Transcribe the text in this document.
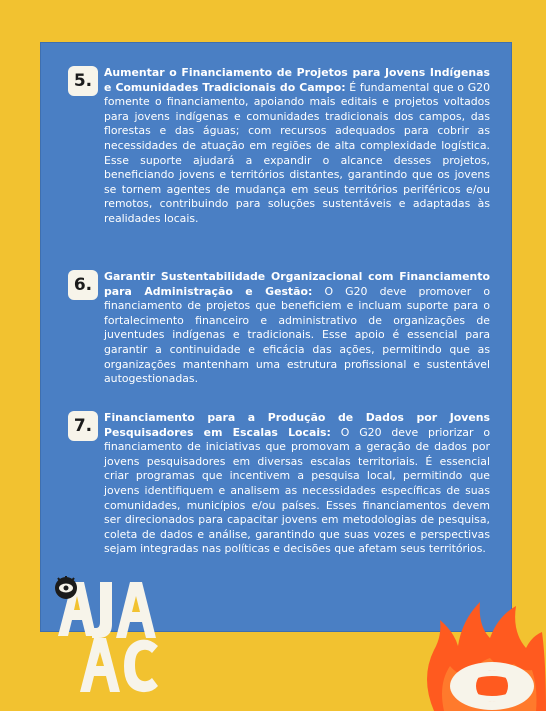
5.	Aumentar o Financiamento de Projetos para Jovens Indígenas e Comunidades Tradicionais do Campo: É fundamental que o G20 fomente o financiamento, apoiando mais editais e projetos voltados para jovens indígenas e comunidades tradicionais dos campos, das florestas e das águas; com recursos adequados para cobrir as necessidades de atuação em regiões de alta complexidade logística. Esse suporte ajudará a expandir o alcance desses projetos, beneficiando jovens e territórios distantes, garantindo que os jovens se tornem agentes de mudança em seus territórios periféricos e/ou remotos, contribuindo para soluções sustentáveis e adaptadas às realidades locais.
6.	Garantir Sustentabilidade Organizacional com Financiamento para Administração e Gestão: O G20 deve promover o financiamento de projetos que beneficiem e incluam suporte para o fortalecimento financeiro e administrativo de organizações de juventudes indígenas e tradicionais. Esse apoio é essencial para garantir a continuidade e eficácia das ações, permitindo que as organizações mantenham uma estrutura profissional e sustentável autogestionadas.
7.	Financiamento para a Produção de Dados por Jovens Pesquisadores em Escalas Locais: O G20 deve priorizar o financiamento de iniciativas que promovam a geração de dados por jovens pesquisadores em diversas escalas territoriais. É essencial criar programas que incentivem a pesquisa local, permitindo que jovens identifiquem e analisem as necessidades específicas de suas comunidades, municípios e/ou países. Esses financiamentos devem ser direcionados para capacitar jovens em metodologias de pesquisa, coleta de dados e análise, garantindo que suas vozes e perspectivas sejam integradas nas políticas e decisões que afetam seus territórios.
